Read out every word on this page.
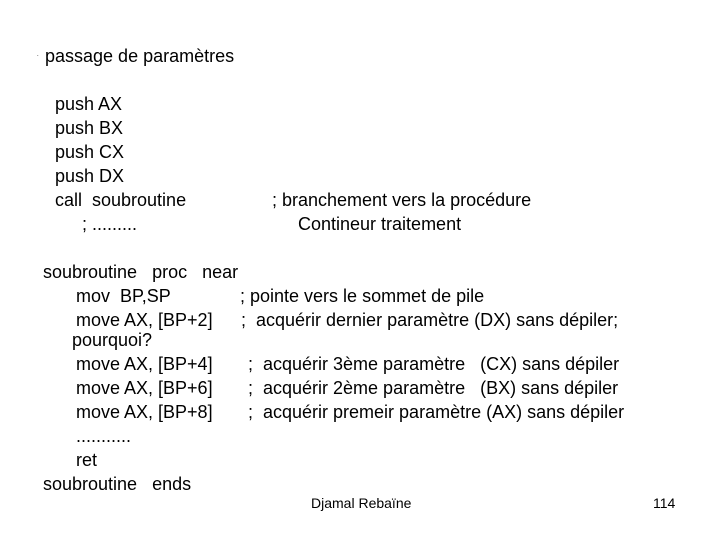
. passage de paramètres
push AX
push BX
push CX
push DX
call  soubroutine	; branchement vers la procédure
; .........	Contineur traitement
soubroutine   proc   near
mov  BP,SP	; pointe vers le sommet de pile
move AX, [BP+2] ;  acquérir dernier paramètre (DX) sans dépiler;
pourquoi?
move AX, [BP+4] ;  acquérir 3ème paramètre   (CX) sans dépiler
move AX, [BP+6] ;  acquérir 2ème paramètre   (BX) sans dépiler
move AX, [BP+8] ;  acquérir premeir paramètre (AX) sans dépiler
...........
ret
soubroutine   ends
Djamal Rebaïne	114
